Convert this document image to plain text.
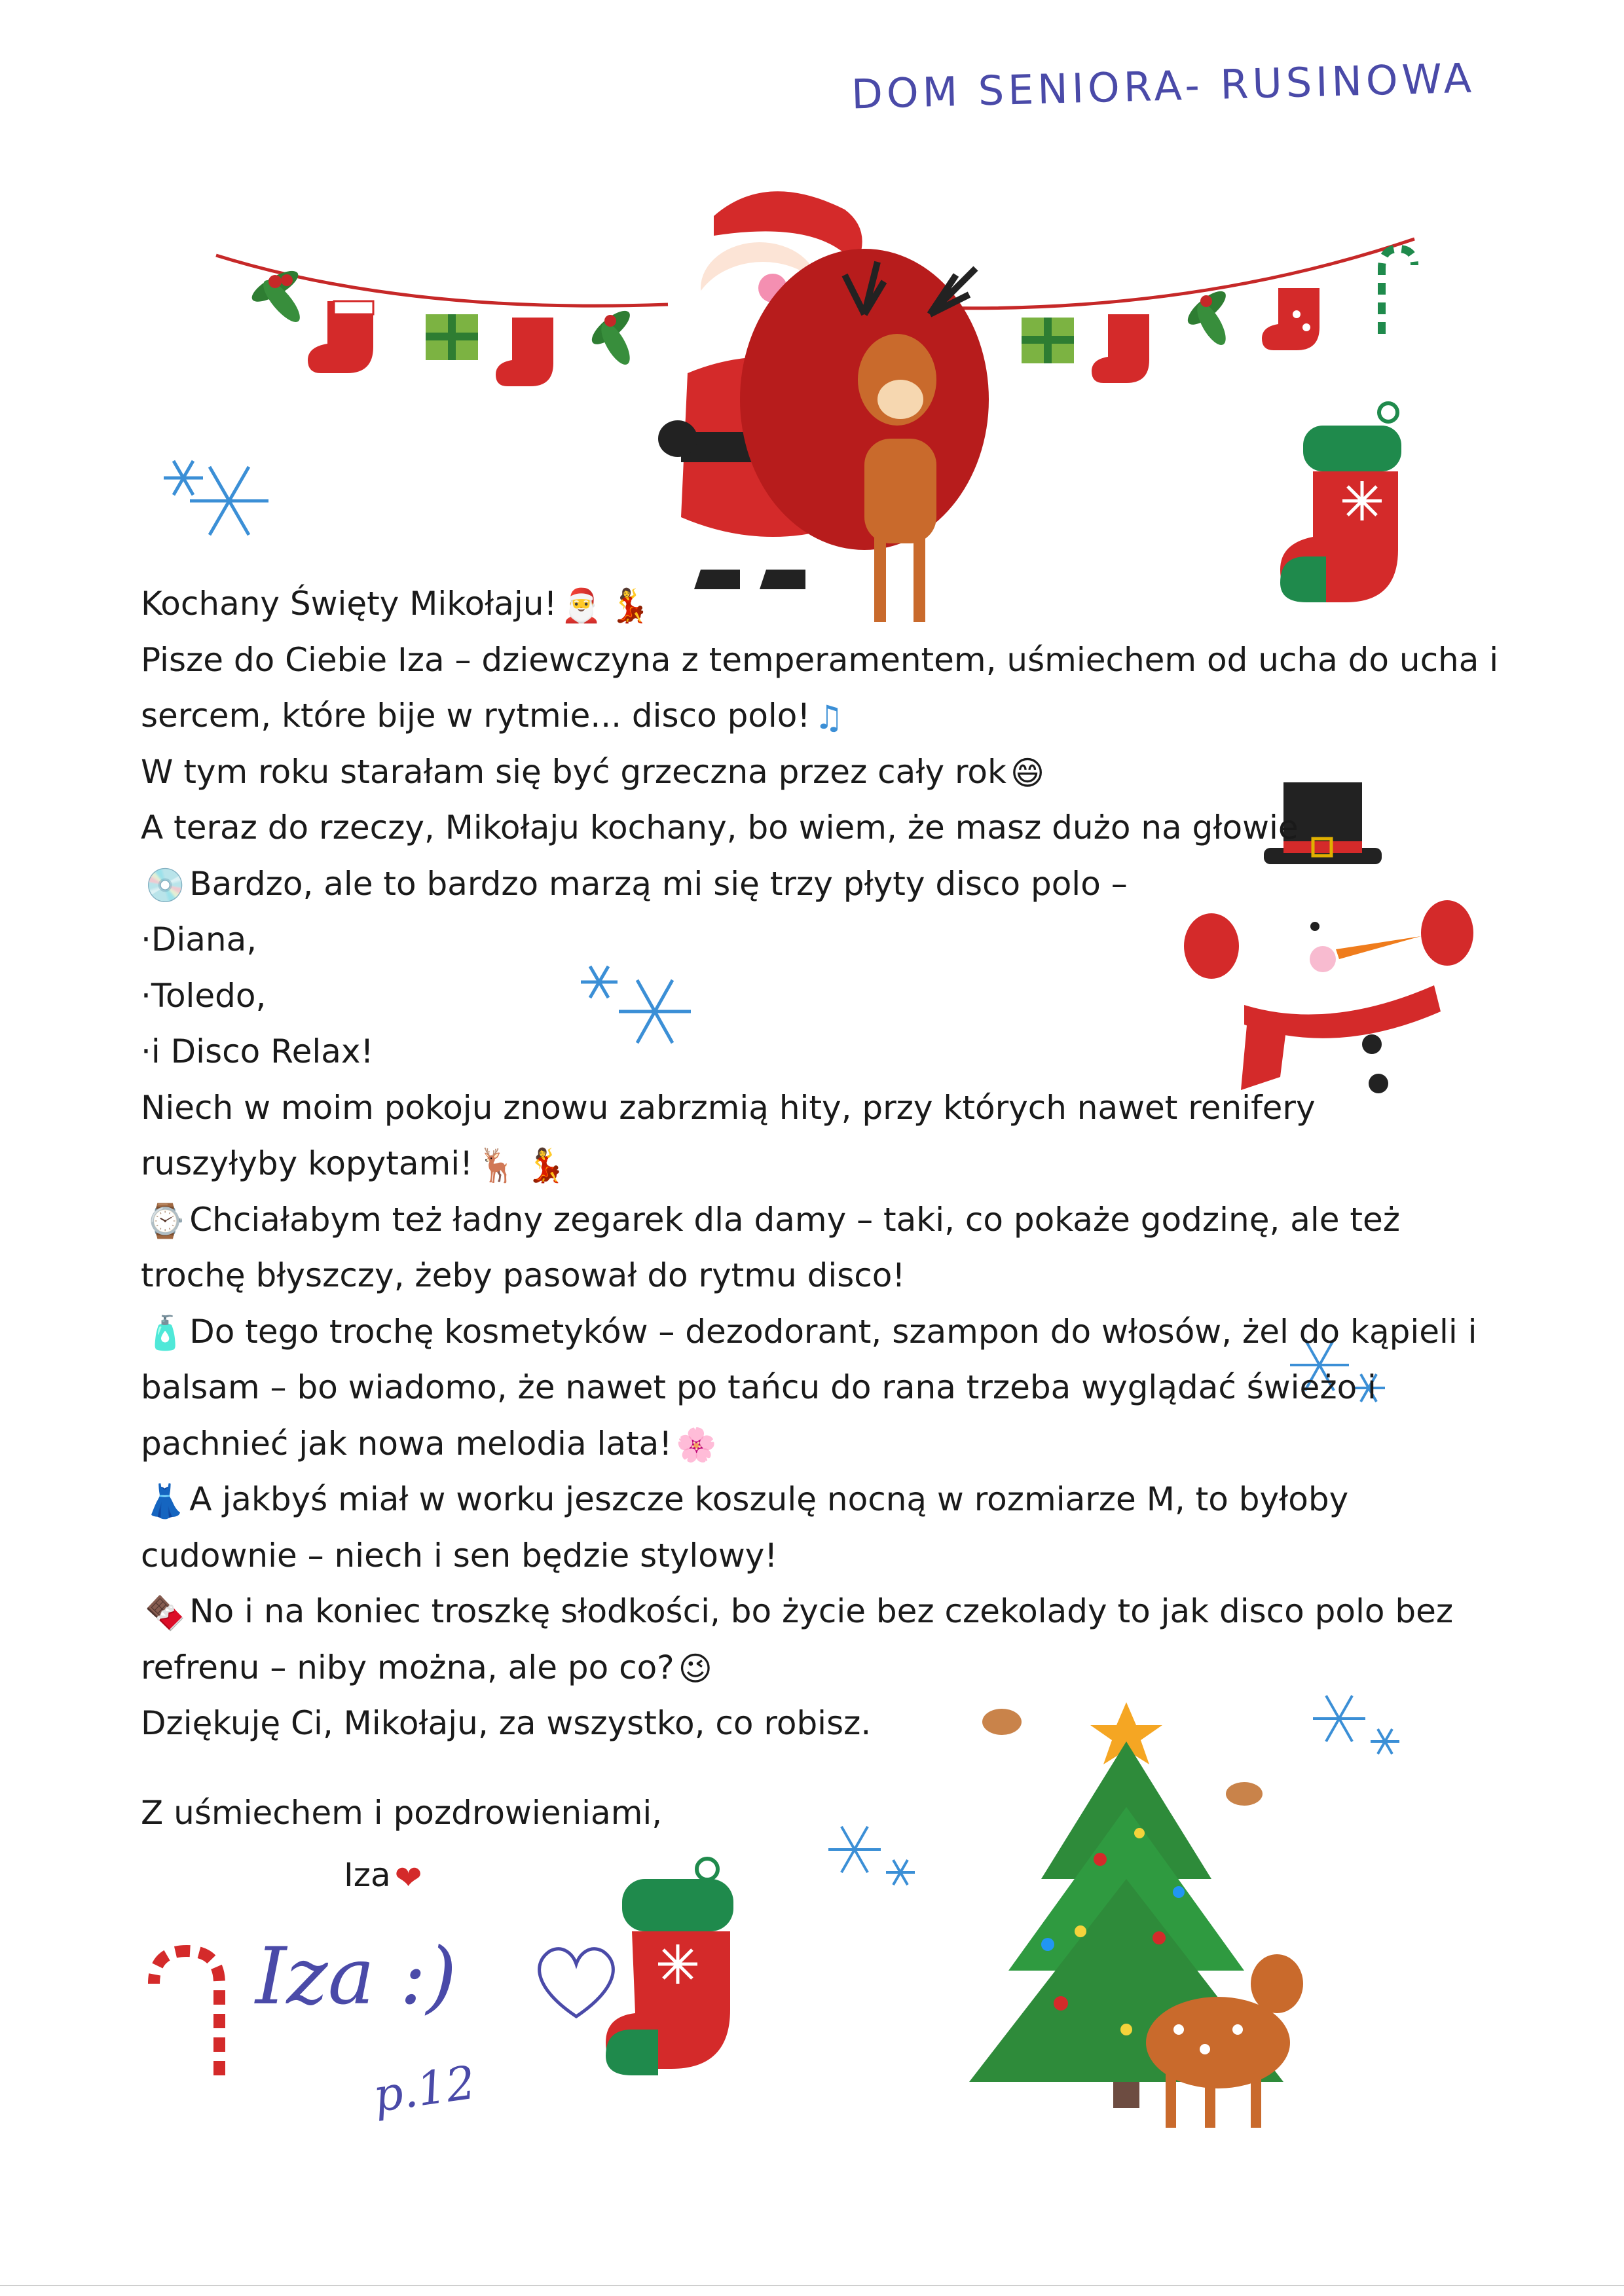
DOM SENIORA- RUSINOWA
Kochany Święty Mikołaju! 🎅 💃
Pisze do Ciebie Iza – dziewczyna z temperamentem, uśmiechem od ucha do ucha i
sercem, które bije w rytmie... disco polo! ♫
W tym roku starałam się być grzeczna przez cały rok 😄
A teraz do rzeczy, Mikołaju kochany, bo wiem, że masz dużo na głowie
💿 Bardzo, ale to bardzo marzą mi się trzy płyty disco polo –
·Diana,
·Toledo,
·i Disco Relax!
Niech w moim pokoju znowu zabrzmią hity, przy których nawet renifery
ruszyłyby kopytami! 🦌 💃
⌚ Chciałabym też ładny zegarek dla damy – taki, co pokaże godzinę, ale też
trochę błyszczy, żeby pasował do rytmu disco!
🧴 Do tego trochę kosmetyków – dezodorant, szampon do włosów, żel do kąpieli i
balsam – bo wiadomo, że nawet po tańcu do rana trzeba wyglądać świeżo i
pachnieć jak nowa melodia lata! 🌸
👗 A jakbyś miał w worku jeszcze koszulę nocną w rozmiarze M, to byłoby
cudownie – niech i sen będzie stylowy!
🍫 No i na koniec troszkę słodkości, bo życie bez czekolady to jak disco polo bez
refrenu – niby można, ale po co? 😉
Dziękuję Ci, Mikołaju, za wszystko, co robisz.
Z uśmiechem i pozdrowieniami,
Iza ❤
Iza :)
p.12
